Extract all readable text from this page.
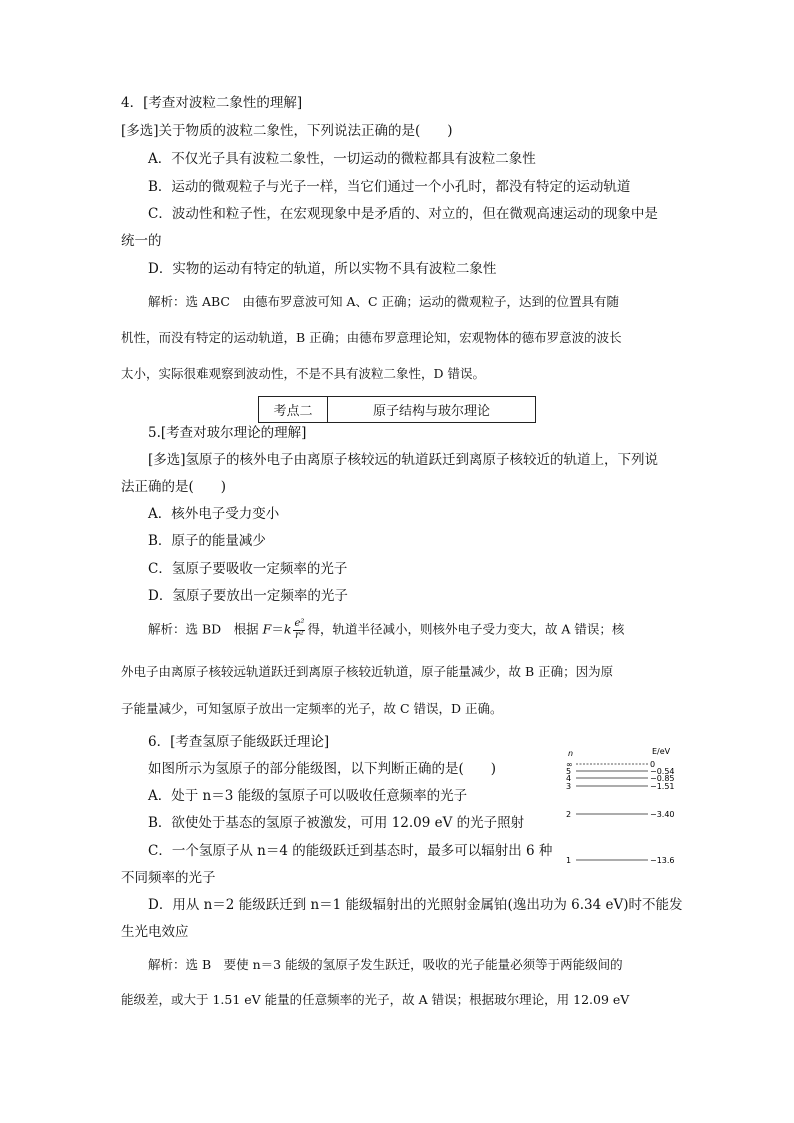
4．[考查对波粒二象性的理解]
[多选]关于物质的波粒二象性，下列说法正确的是(　　)
A．不仅光子具有波粒二象性，一切运动的微粒都具有波粒二象性
B．运动的微观粒子与光子一样，当它们通过一个小孔时，都没有特定的运动轨道
C．波动性和粒子性，在宏观现象中是矛盾的、对立的，但在微观高速运动的现象中是
统一的
D．实物的运动有特定的轨道，所以实物不具有波粒二象性
解析：选 ABC　由德布罗意波可知 A、C 正确；运动的微观粒子，达到的位置具有随
机性，而没有特定的运动轨道，B 正确；由德布罗意理论知，宏观物体的德布罗意波的波长
太小，实际很难观察到波动性，不是不具有波粒二象性，D 错误。
考点二	原子结构与玻尔理论
5.[考查对玻尔理论的理解]
[多选]氢原子的核外电子由离原子核较远的轨道跃迁到离原子核较近的轨道上，下列说
法正确的是(　　)
A．核外电子受力变小
B．原子的能量减少
C．氢原子要吸收一定频率的光子
D．氢原子要放出一定频率的光子
解析：选 BD　根据 $F=k \frac{\text{e²}}{\text{r²}}$ 得，轨道半径减小，则核外电子受力变大，故 A 错误；核
外电子由离原子核较远轨道跃迁到离原子核较近轨道，原子能量减少，故 B 正确；因为原
子能量减少，可知氢原子放出一定频率的光子，故 C 错误，D 正确。
6．[考查氢原子能级跃迁理论]
如图所示为氢原子的部分能级图，以下判断正确的是(　　)
A．处于 n＝3 能级的氢原子可以吸收任意频率的光子
B．欲使处于基态的氢原子被激发，可用 12.09 eV 的光子照射
C．一个氢原子从 n＝4 的能级跃迁到基态时，最多可以辐射出 6 种
不同频率的光子
D．用从 n＝2 能级跃迁到 n＝1 能级辐射出的光照射金属铂(逸出功为 6.34 eV)时不能发
生光电效应
解析：选 B　要使 n＝3 能级的氢原子发生跃迁，吸收的光子能量必须等于两能级间的
能级差，或大于 1.51 eV 能量的任意频率的光子，故 A 错误；根据玻尔理论，用 12.09 eV
n	E/eV
∞	0
5	−0.54
4	−0.85
3	−1.51
2	−3.40
1	−13.6
